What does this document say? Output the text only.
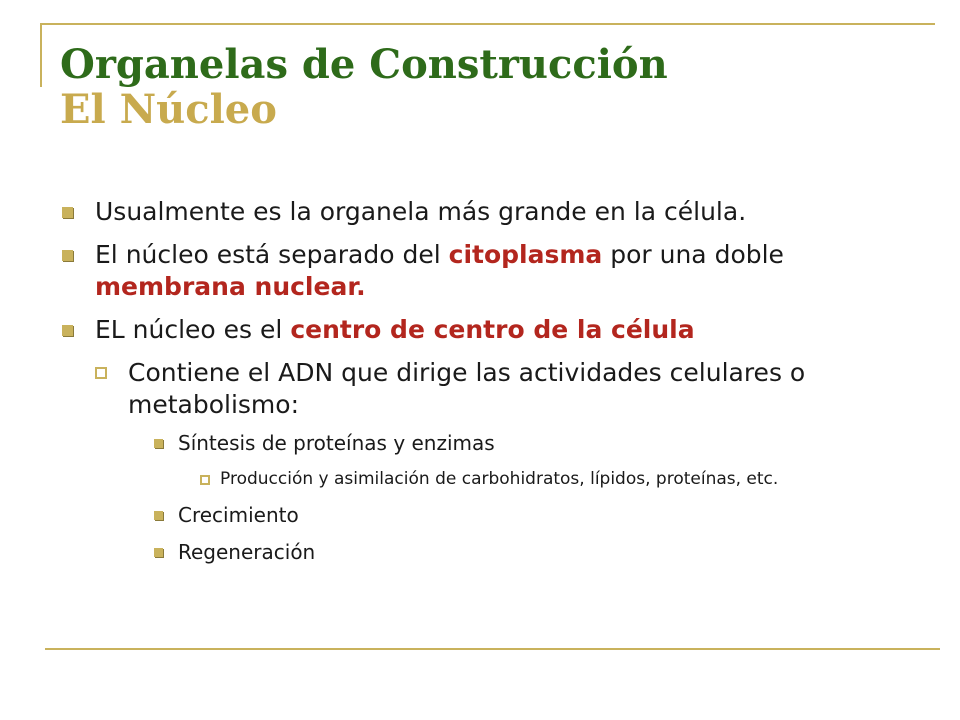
Organelas de Construcción
El Núcleo
Usualmente es la organela más grande en la célula.
El núcleo está separado del citoplasma por una doble membrana nuclear.
EL núcleo es el centro de centro de la célula
Contiene el ADN que dirige las actividades celulares o metabolismo:
Síntesis de proteínas y enzimas
Producción y asimilación de carbohidratos, lípidos, proteínas, etc.
Crecimiento
Regeneración
